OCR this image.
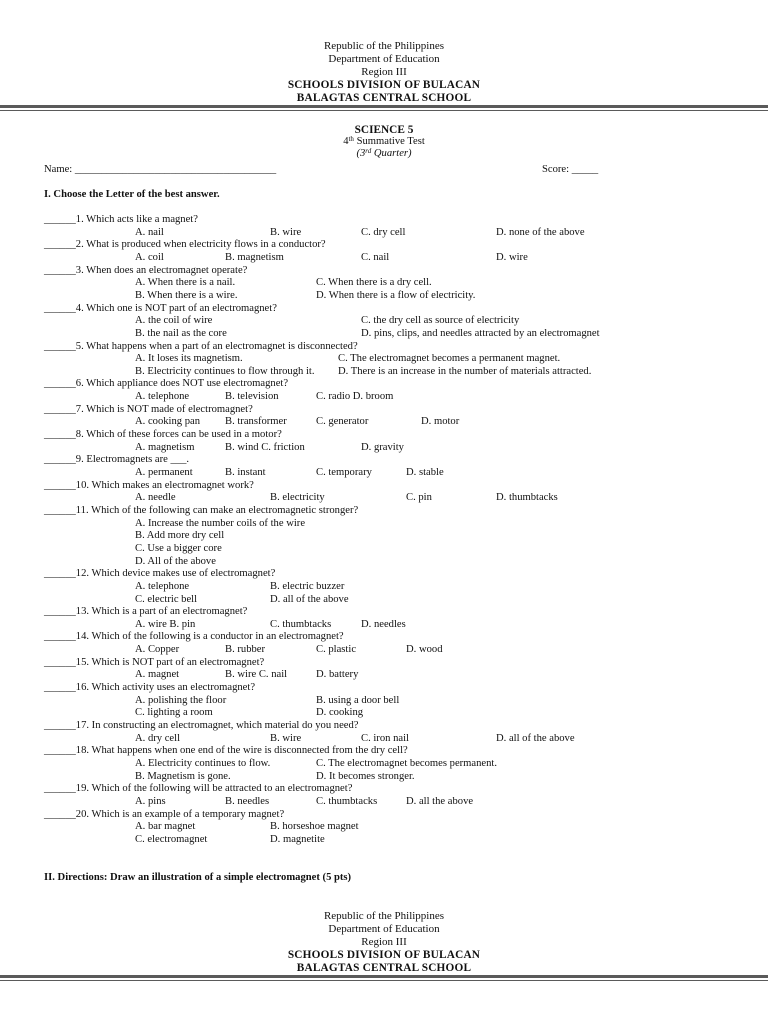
Republic of the Philippines
Department of Education
Region III
SCHOOLS DIVISION OF BULACAN
BALAGTAS CENTRAL SCHOOL
SCIENCE 5
4th Summative Test
(3rd Quarter)
Name: ______________________________________	Score: _____
I. Choose the Letter of the best answer.
______1. Which acts like a magnet?
A. nail	B. wire	C. dry cell	D. none of the above
______2. What is produced when electricity flows in a conductor?
A. coil	B. magnetism	C. nail	D. wire
______3. When does an electromagnet operate?
A. When there is a nail.	C. When there is a dry cell.
B. When there is a wire.	D. When there is a flow of electricity.
______4. Which one is NOT part of an electromagnet?
A. the coil of wire	C. the dry cell as source of electricity
B. the nail as the core	D. pins, clips, and needles attracted by an electromagnet
______5. What happens when a part of an electromagnet is disconnected?
A. It loses its magnetism.	C. The electromagnet becomes a permanent magnet.
B. Electricity continues to flow through it. D. There is an increase in the number of materials attracted.
______6. Which appliance does NOT use electromagnet?
A. telephone	B. television	C. radio D. broom
______7. Which is NOT made of electromagnet?
A. cooking pan B. transformer	C. generator	D. motor
______8. Which of these forces can be used in a motor?
A. magnetism	B. wind C. friction	D. gravity
______9. Electromagnets are ___.
A. permanent	B. instant	C. temporary	D. stable
______10. Which makes an electromagnet work?
A. needle	B. electricity	C. pin	D. thumbtacks
______11. Which of the following can make an electromagnetic stronger?
A. Increase the number coils of the wire
B. Add more dry cell
C. Use a bigger core
D. All of the above
______12. Which device makes use of electromagnet?
A. telephone	B. electric buzzer
C. electric bell	D. all of the above
______13. Which is a part of an electromagnet?
A. wire B. pin	C. thumbtacks	D. needles
______14. Which of the following is a conductor in an electromagnet?
A. Copper	B. rubber	C. plastic	D. wood
______15. Which is NOT part of an electromagnet?
A. magnet	B. wire C. nail	D. battery
______16. Which activity uses an electromagnet?
A. polishing the floor	B. using a door bell
C. lighting a room	D. cooking
______17. In constructing an electromagnet, which material do you need?
A. dry cell	B. wire	C. iron nail	D. all of the above
______18. What happens when one end of the wire is disconnected from the dry cell?
A. Electricity continues to flow.	C. The electromagnet becomes permanent.
B. Magnetism is gone.	D. It becomes stronger.
______19. Which of the following will be attracted to an electromagnet?
A. pins	B. needles	C. thumbtacks	D. all the above
______20. Which is an example of a temporary magnet?
A. bar magnet	B. horseshoe magnet
C. electromagnet	D. magnetite
II. Directions: Draw an illustration of a simple electromagnet (5 pts)
Republic of the Philippines
Department of Education
Region III
SCHOOLS DIVISION OF BULACAN
BALAGTAS CENTRAL SCHOOL
